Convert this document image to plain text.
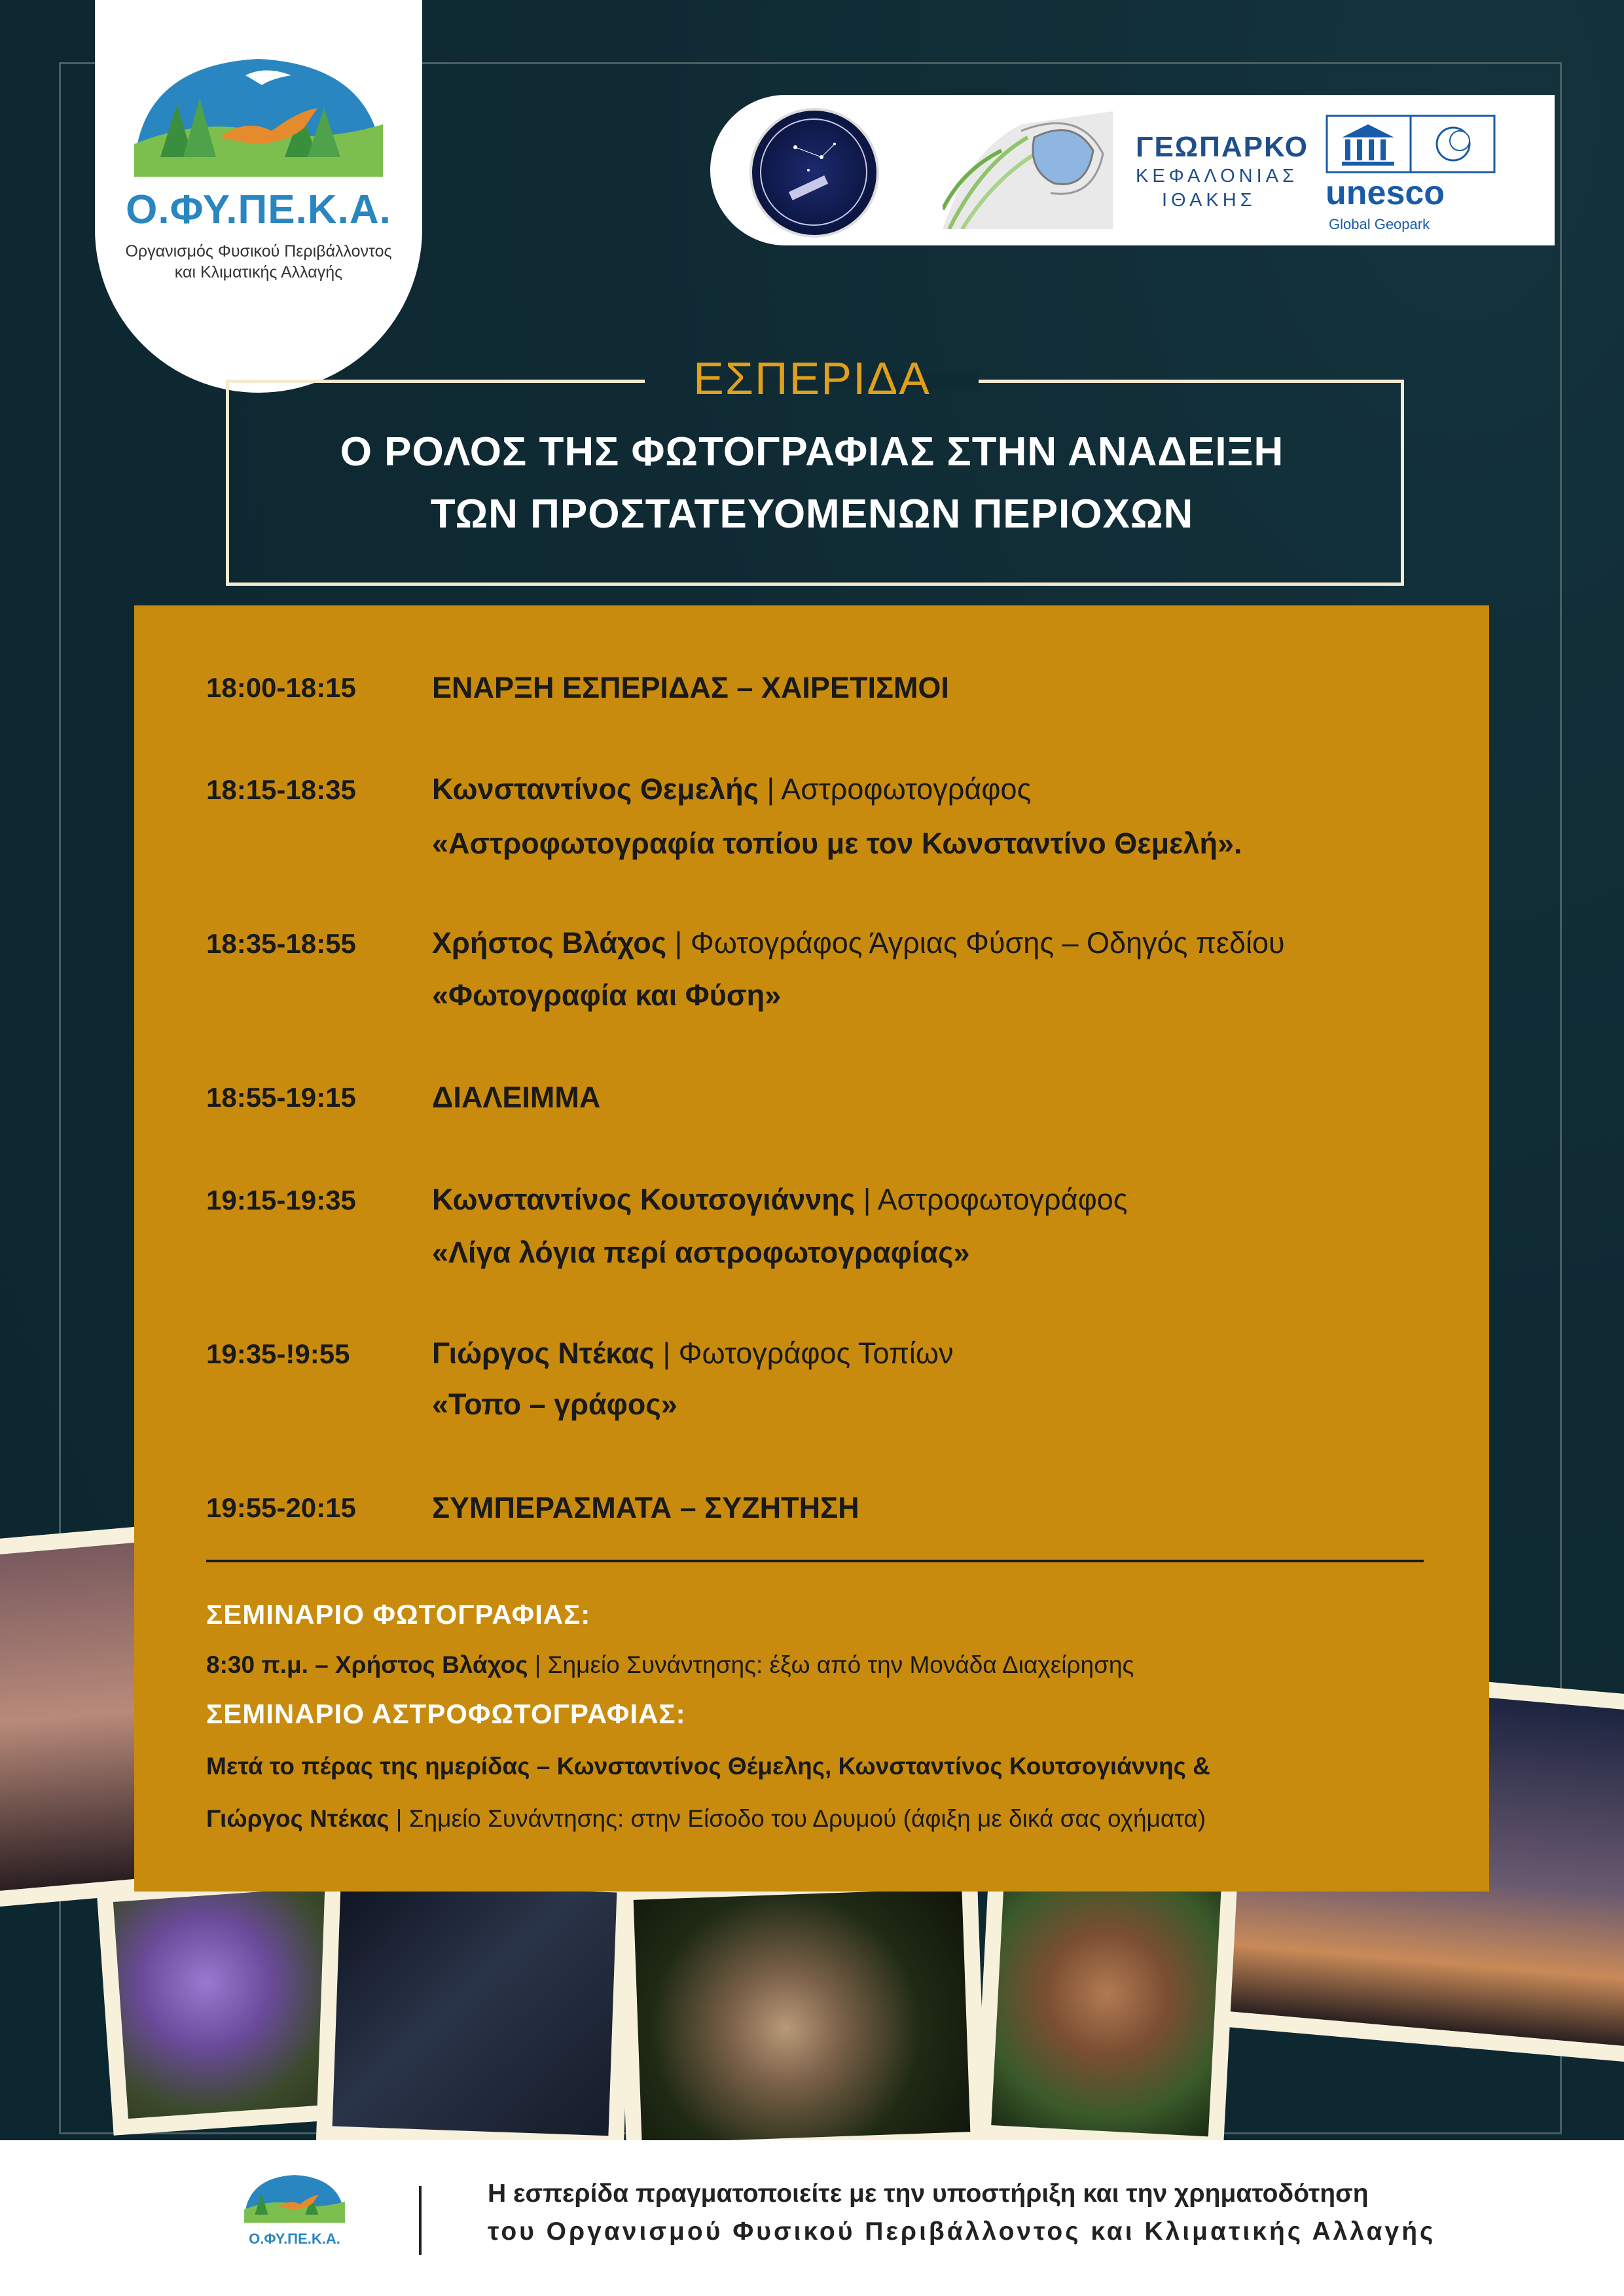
Ο.ΦΥ.ΠΕ.Κ.Α.
Οργανισμός Φυσικού Περιβάλλοντος
και Κλιματικής Αλλαγής
ΓΕΩΠΑΡΚΟ
ΚΕΦΑΛΟΝΙΑΣ
ΙΘΑΚΗΣ unesco
Global Geopark
ΕΣΠΕΡΙΔΑ
Ο ΡΟΛΟΣ ΤΗΣ ΦΩΤΟΓΡΑΦΙΑΣ ΣΤΗΝ ΑΝΑΔΕΙΞΗ
ΤΩΝ ΠΡΟΣΤΑΤΕΥΟΜΕΝΩΝ ΠΕΡΙΟΧΩΝ
18:00-18:15	ΕΝΑΡΞΗ ΕΣΠΕΡΙΔΑΣ – ΧΑΙΡΕΤΙΣΜΟΙ
18:15-18:35	Κωνσταντίνος Θεμελής | Αστροφωτογράφος
«Αστροφωτογραφία τοπίου με τον Κωνσταντίνο Θεμελή».
18:35-18:55	Χρήστος Βλάχος | Φωτογράφος Άγριας Φύσης – Οδηγός πεδίου
«Φωτογραφία και Φύση»
18:55-19:15	ΔΙΑΛΕΙΜΜΑ
19:15-19:35	Κωνσταντίνος Κουτσογιάννης | Αστροφωτογράφος
«Λίγα λόγια περί αστροφωτογραφίας»
19:35-!9:55	Γιώργος Ντέκας | Φωτογράφος Τοπίων
«Τοπο – γράφος»
19:55-20:15	ΣΥΜΠΕΡΑΣΜΑΤΑ – ΣΥΖΗΤΗΣΗ
ΣΕΜΙΝΑΡΙΟ ΦΩΤΟΓΡΑΦΙΑΣ:
8:30 π.μ. – Χρήστος Βλάχος | Σημείο Συνάντησης: έξω από την Μονάδα Διαχείρησης
ΣΕΜΙΝΑΡΙΟ ΑΣΤΡΟΦΩΤΟΓΡΑΦΙΑΣ:
Μετά το πέρας της ημερίδας – Κωνσταντίνος Θέμελης, Κωνσταντίνος Κουτσογιάννης &
Γιώργος Ντέκας | Σημείο Συνάντησης: στην Είσοδο του Δρυμού (άφιξη με δικά σας οχήματα)
Ο.ΦΥ.ΠΕ.Κ.Α.
Η εσπερίδα πραγματοποιείτε με την υποστήριξη και την χρηματοδότηση
του Οργανισμού Φυσικού Περιβάλλοντος και Κλιματικής Αλλαγής
